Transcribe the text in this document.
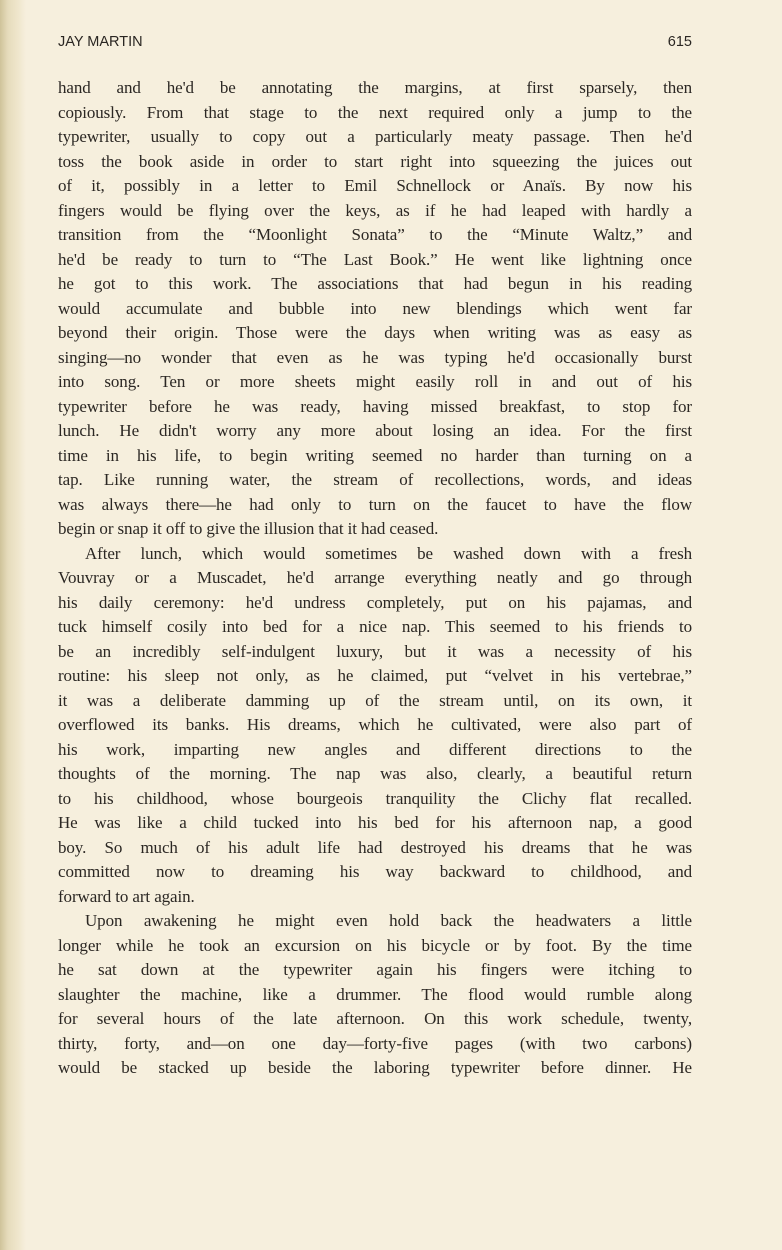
JAY MARTIN	615
hand and he'd be annotating the margins, at first sparsely, then
copiously. From that stage to the next required only a jump to the
typewriter, usually to copy out a particularly meaty passage. Then he'd
toss the book aside in order to start right into squeezing the juices out
of it, possibly in a letter to Emil Schnellock or Anaïs. By now his
fingers would be flying over the keys, as if he had leaped with hardly a
transition from the “Moonlight Sonata” to the “Minute Waltz,” and
he'd be ready to turn to “The Last Book.” He went like lightning once
he got to this work. The associations that had begun in his reading
would accumulate and bubble into new blendings which went far
beyond their origin. Those were the days when writing was as easy as
singing—no wonder that even as he was typing he'd occasionally burst
into song. Ten or more sheets might easily roll in and out of his
typewriter before he was ready, having missed breakfast, to stop for
lunch. He didn't worry any more about losing an idea. For the first
time in his life, to begin writing seemed no harder than turning on a
tap. Like running water, the stream of recollections, words, and ideas
was always there—he had only to turn on the faucet to have the flow
begin or snap it off to give the illusion that it had ceased.
After lunch, which would sometimes be washed down with a fresh
Vouvray or a Muscadet, he'd arrange everything neatly and go through
his daily ceremony: he'd undress completely, put on his pajamas, and
tuck himself cosily into bed for a nice nap. This seemed to his friends to
be an incredibly self-indulgent luxury, but it was a necessity of his
routine: his sleep not only, as he claimed, put “velvet in his vertebrae,”
it was a deliberate damming up of the stream until, on its own, it
overflowed its banks. His dreams, which he cultivated, were also part of
his work, imparting new angles and different directions to the
thoughts of the morning. The nap was also, clearly, a beautiful return
to his childhood, whose bourgeois tranquility the Clichy flat recalled.
He was like a child tucked into his bed for his afternoon nap, a good
boy. So much of his adult life had destroyed his dreams that he was
committed now to dreaming his way backward to childhood, and
forward to art again.
Upon awakening he might even hold back the headwaters a little
longer while he took an excursion on his bicycle or by foot. By the time
he sat down at the typewriter again his fingers were itching to
slaughter the machine, like a drummer. The flood would rumble along
for several hours of the late afternoon. On this work schedule, twenty,
thirty, forty, and—on one day—forty-five pages (with two carbons)
would be stacked up beside the laboring typewriter before dinner. He
